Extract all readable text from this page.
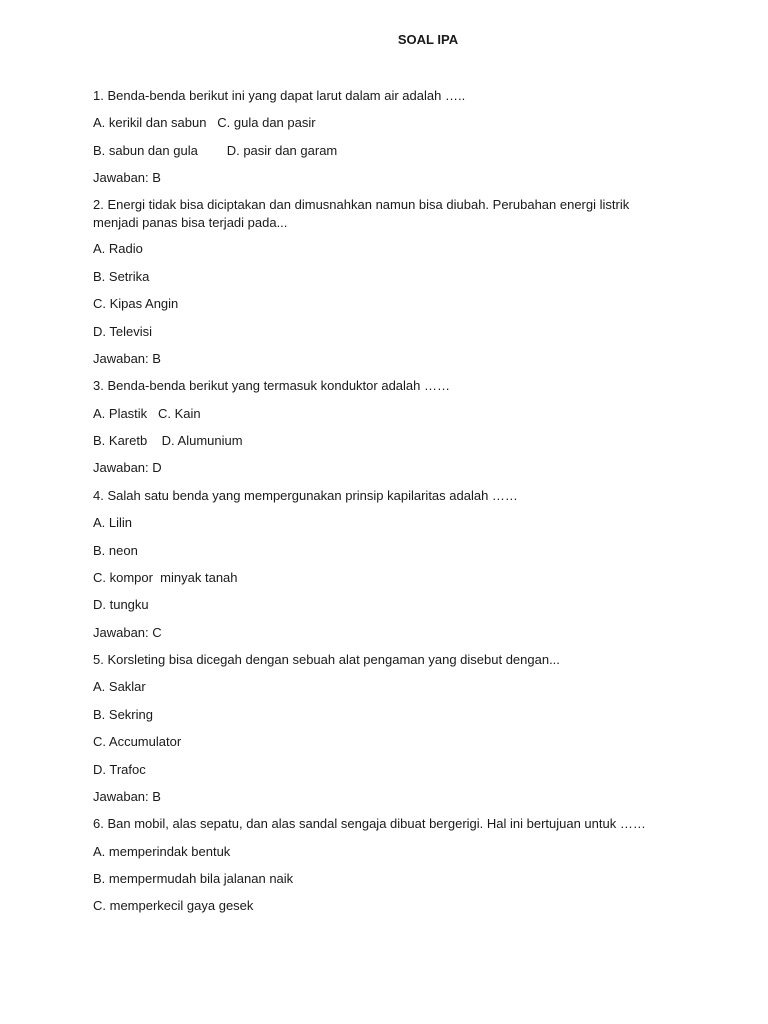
SOAL IPA
1. Benda-benda berikut ini yang dapat larut dalam air adalah …..
A. kerikil dan sabun   C. gula dan pasir
B. sabun dan gula        D. pasir dan garam
Jawaban: B
2. Energi tidak bisa diciptakan dan dimusnahkan namun bisa diubah. Perubahan energi listrik menjadi panas bisa terjadi pada...
A. Radio
B. Setrika
C. Kipas Angin
D. Televisi
Jawaban: B
3. Benda-benda berikut yang termasuk konduktor adalah ……
A. Plastik   C. Kain
B. Karetb    D. Alumunium
Jawaban: D
4. Salah satu benda yang mempergunakan prinsip kapilaritas adalah ……
A. Lilin
B. neon
C. kompor  minyak tanah
D. tungku
Jawaban: C
5. Korsleting bisa dicegah dengan sebuah alat pengaman yang disebut dengan...
A. Saklar
B. Sekring
C. Accumulator
D. Trafoc
Jawaban: B
6. Ban mobil, alas sepatu, dan alas sandal sengaja dibuat bergerigi. Hal ini bertujuan untuk ……
A. memperindak bentuk
B. mempermudah bila jalanan naik
C. memperkecil gaya gesek
